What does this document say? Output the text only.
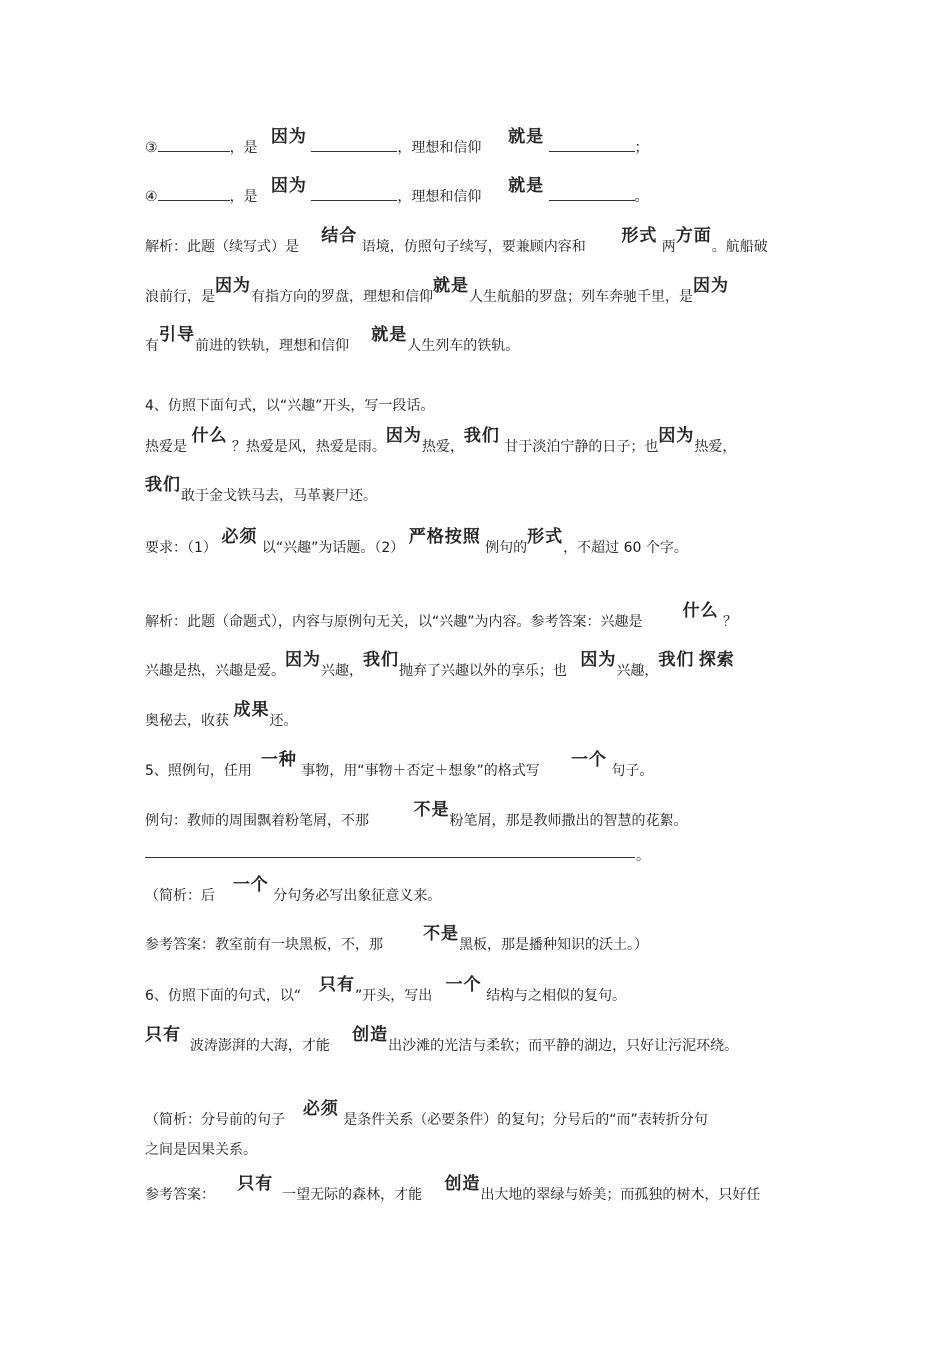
③	，是   因为 ，理想和信仰      就是 ；
④	，是   因为 ，理想和信仰      就是 。
解析：此题（续写式）是     结合 语境，仿照句子续写，要兼顾内容和        形式 两方面。航船破
浪前行，是因为有指方向的罗盘，理想和信仰就是人生航船的罗盘；列车奔驰千里，是因为
有引导前进的铁轨，理想和信仰     就是人生列车的铁轨。
4、仿照下面句式，以“兴趣”开头，写一段话。
热爱是 什么 ？热爱是风，热爱是雨。因为热爱，我们 甘于淡泊宁静的日子；也因为热爱，
我们敢于金戈铁马去，马革裹尸还。
要求：（1） 必须 以“兴趣”为话题。（2） 严格按照 例句的形式，不超过 60 个字。
解析：此题（命题式），内容与原例句无关，以“兴趣”为内容。参考答案：兴趣是         什么 ？
兴趣是热，兴趣是爱。因为兴趣，我们抛弃了兴趣以外的享乐；也   因为兴趣，我们 探索
奥秘去，收获 成果还。
5、照例句，任用  一种 事物，用“事物＋否定＋想象”的格式写       一个 句子。
例句：教师的周围飘着粉笔屑，不那          不是粉笔屑，那是教师撒出的智慧的花絮。
。
（简析：后    一个 分句务必写出象征意义来。
参考答案：教室前有一块黑板，不，那         不是黑板，那是播种知识的沃土。）
6、仿照下面的句式，以“    只有”开头，写出   一个 结构与之相似的复句。
只有  波涛澎湃的大海，才能     创造出沙滩的光洁与柔软；而平静的湖边，只好让污泥环绕。
（简析：分号前的句子    必须 是条件关系（必要条件）的复句；分号后的“而”表转折分句
之间是因果关系。
参考答案：     只有  一望无际的森林，才能     创造出大地的翠绿与娇美；而孤独的树木，只好任
